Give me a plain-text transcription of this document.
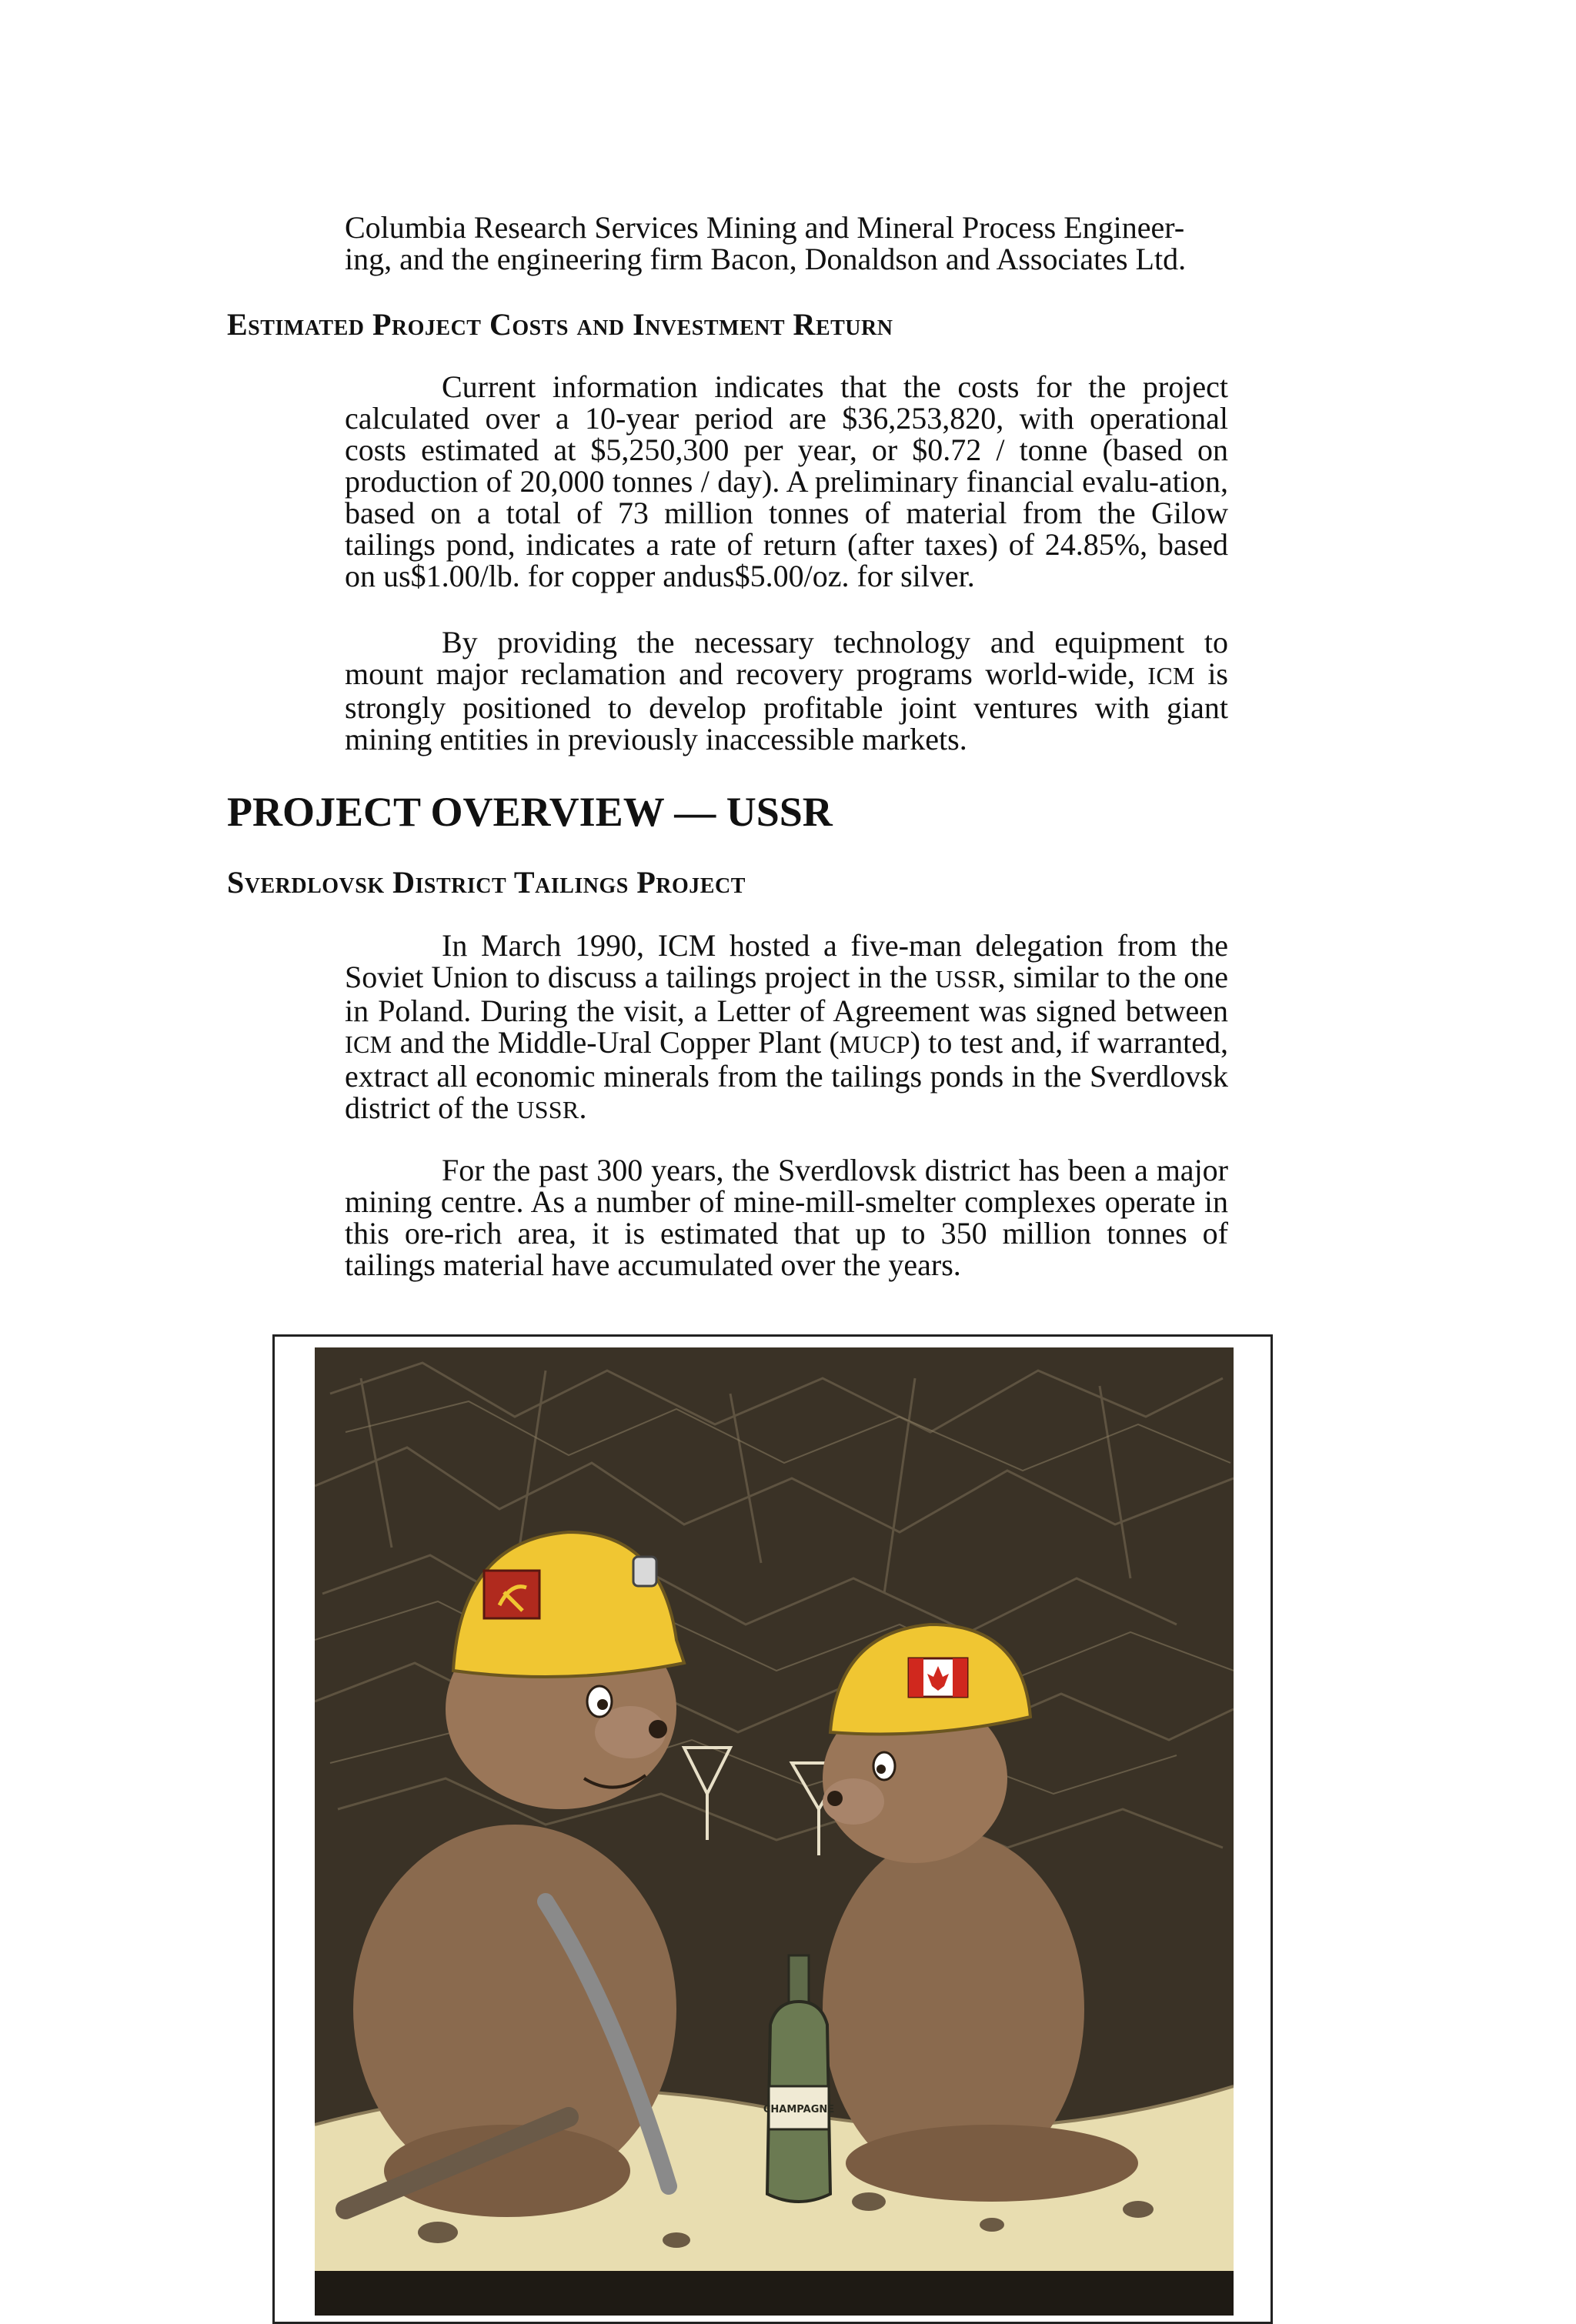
Columbia Research Services Mining and Mineral Process Engineer-
ing, and the engineering firm Bacon, Donaldson and Associates Ltd.
Estimated Project Costs and Investment Return

Current information indicates that the costs for the project calculated over a 10-year period are $36,253,820, with operational costs estimated at $5,250,300 per year, or $0.72 / tonne (based on production of 20,000 tonnes / day). A preliminary financial evalu-ation, based on a total of 73 million tonnes of material from the Gilow tailings pond, indicates a rate of return (after taxes) of 24.85%, based on us$1.00/lb. for copper andus$5.00/oz. for silver.

By providing the necessary technology and equipment to mount major reclamation and recovery programs world-wide, ICM is strongly positioned to develop profitable joint ventures with giant mining entities in previously inaccessible markets.

PROJECT OVERVIEW — USSR
Sverdlovsk District Tailings Project

In March 1990, ICM hosted a five-man delegation from the Soviet Union to discuss a tailings project in the USSR, similar to the one in Poland. During the visit, a Letter of Agreement was signed between ICM and the Middle-Ural Copper Plant (MUCP) to test and, if warranted, extract all economic minerals from the tailings ponds in the Sverdlovsk district of the USSR.

For the past 300 years, the Sverdlovsk district has been a major mining centre. As a number of mine-mill-smelter complexes operate in this ore-rich area, it is estimated that up to 350 million tonnes of tailings material have accumulated over the years.

CHAMPAGNE
